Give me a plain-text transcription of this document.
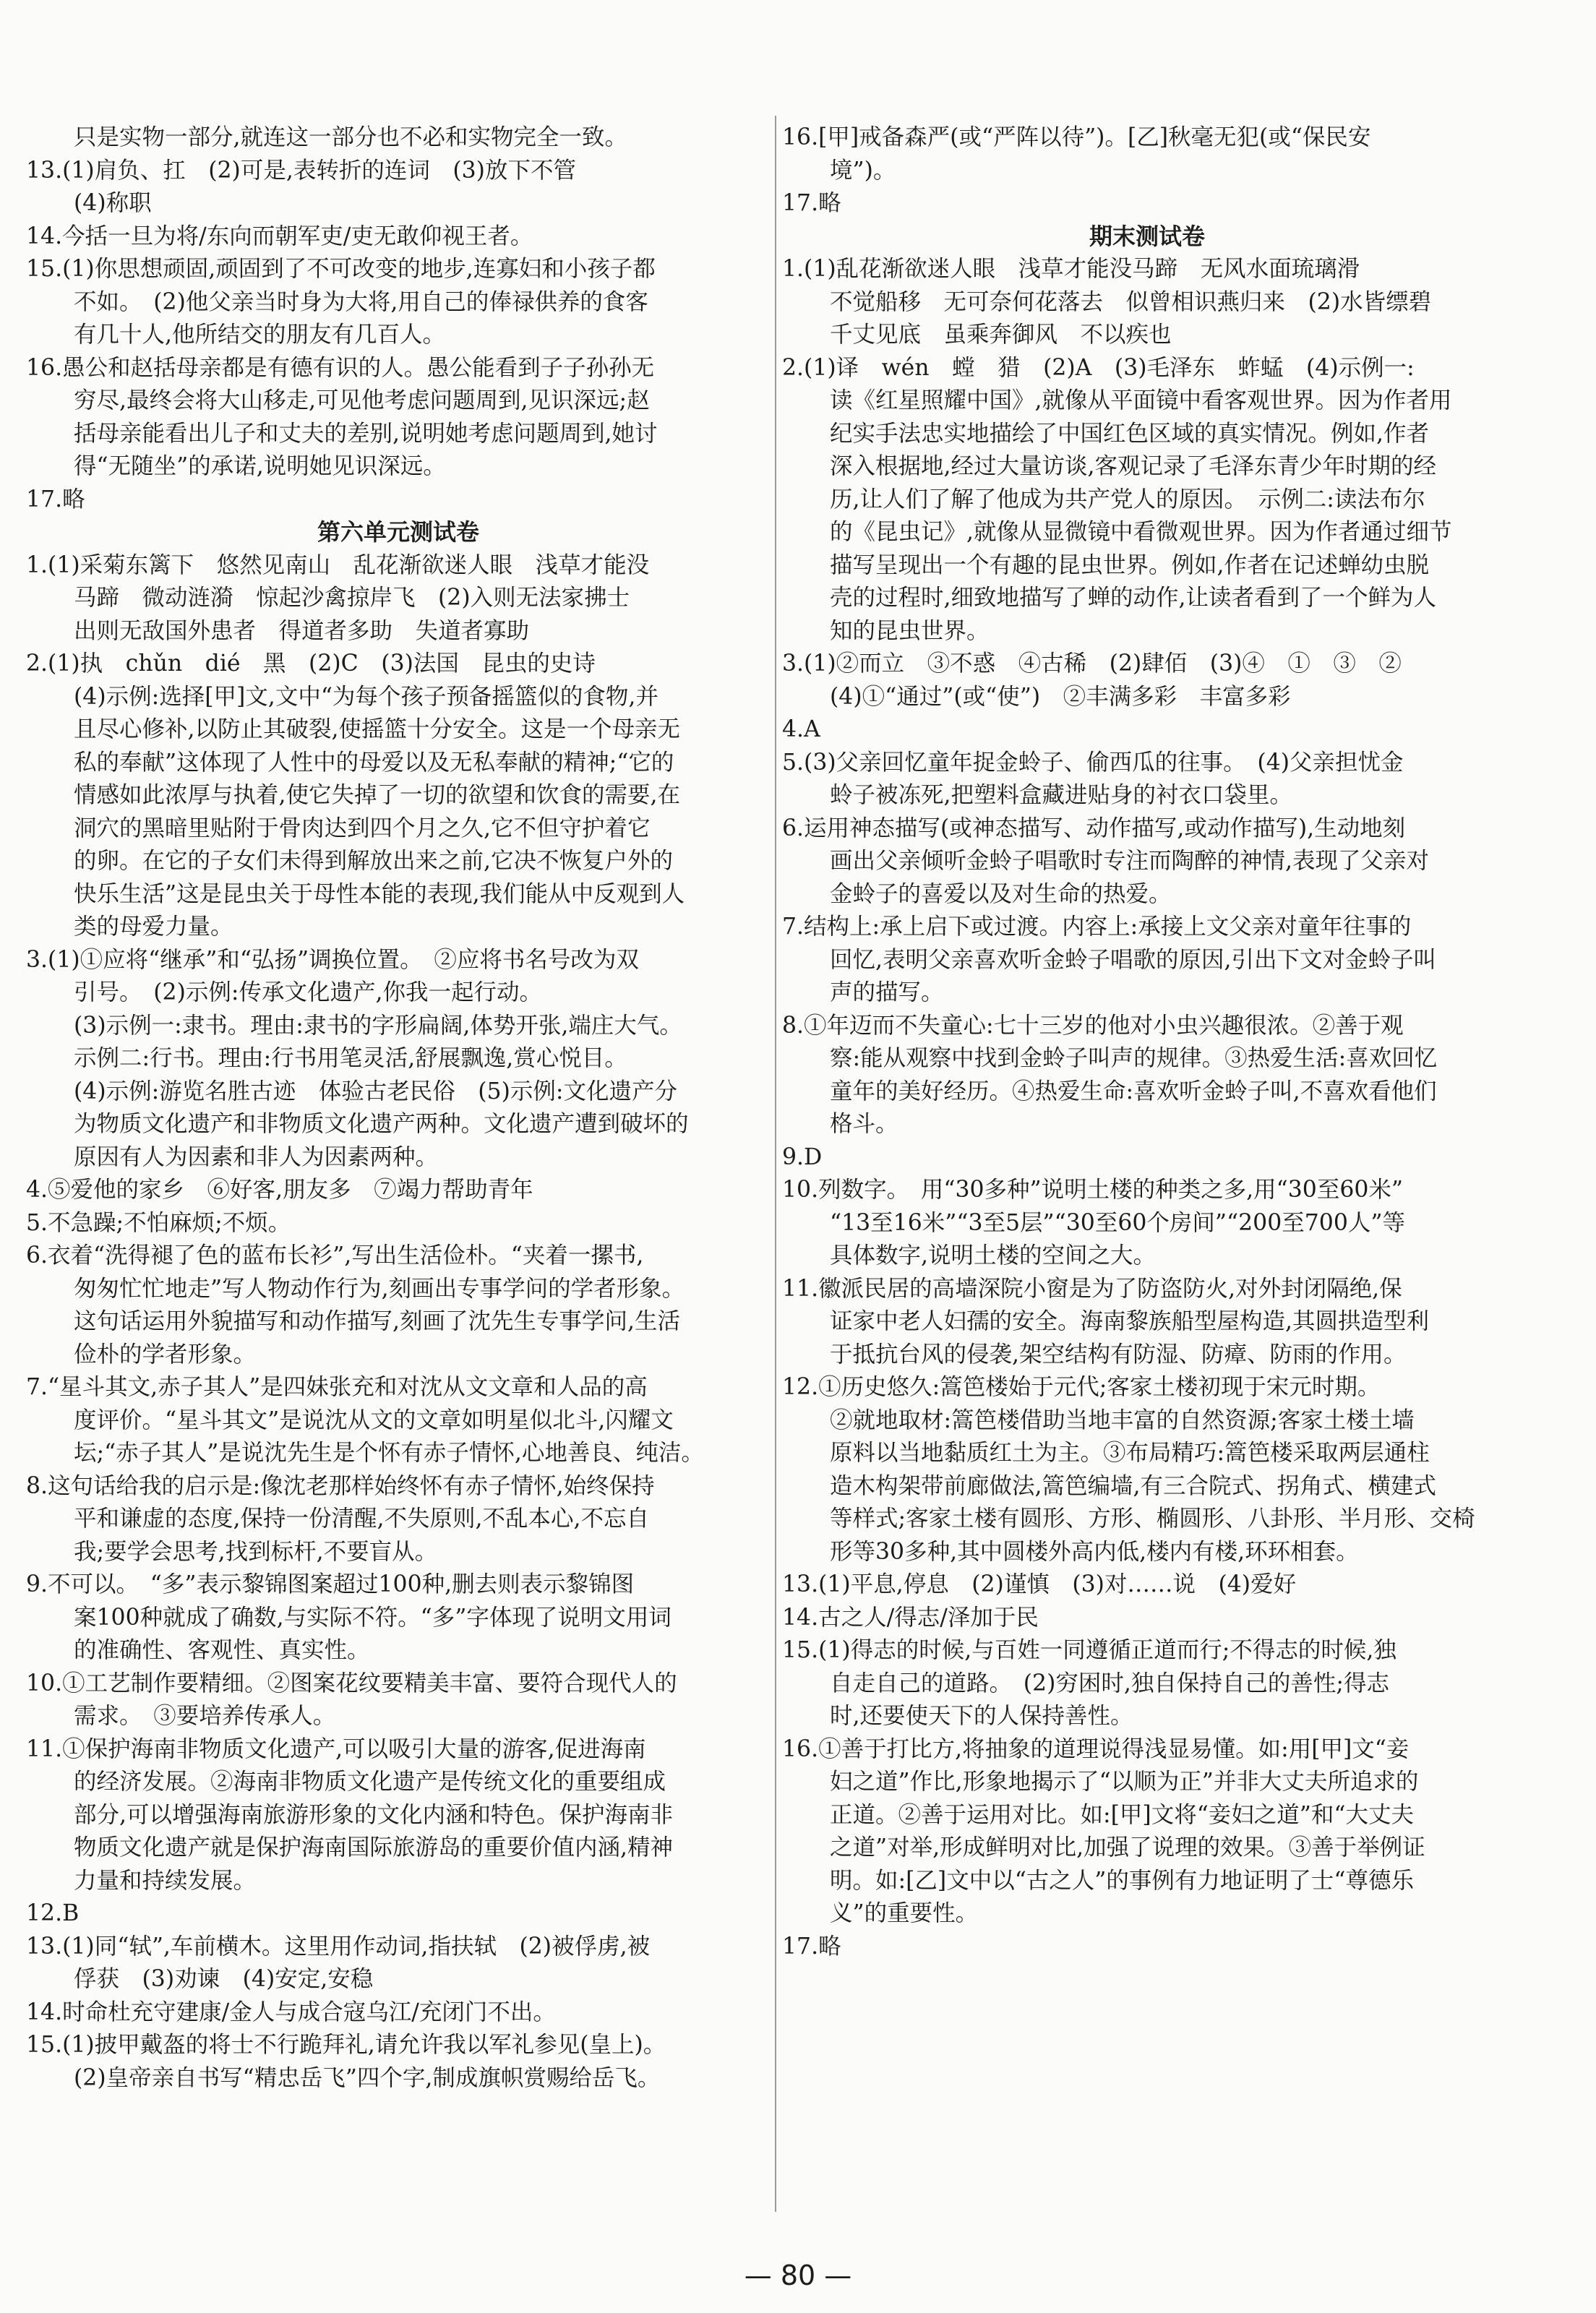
只是实物一部分,就连这一部分也不必和实物完全一致。
13.(1)肩负、扛　(2)可是,表转折的连词　(3)放下不管
(4)称职
14.今括一旦为将/东向而朝军吏/吏无敢仰视王者。
15.(1)你思想顽固,顽固到了不可改变的地步,连寡妇和小孩子都
不如。　(2)他父亲当时身为大将,用自己的俸禄供养的食客
有几十人,他所结交的朋友有几百人。
16.愚公和赵括母亲都是有德有识的人。愚公能看到子子孙孙无
穷尽,最终会将大山移走,可见他考虑问题周到,见识深远;赵
括母亲能看出儿子和丈夫的差别,说明她考虑问题周到,她讨
得“无随坐”的承诺,说明她见识深远。
17.略
第六单元测试卷
1.(1)采菊东篱下　悠然见南山　乱花渐欲迷人眼　浅草才能没
马蹄　微动涟漪　惊起沙禽掠岸飞　(2)入则无法家拂士
出则无敌国外患者　得道者多助　失道者寡助
2.(1)执　chǔn　dié　黑　(2)C　(3)法国　昆虫的史诗
(4)示例:选择[甲]文,文中“为每个孩子预备摇篮似的食物,并
且尽心修补,以防止其破裂,使摇篮十分安全。这是一个母亲无
私的奉献”这体现了人性中的母爱以及无私奉献的精神;“它的
情感如此浓厚与执着,使它失掉了一切的欲望和饮食的需要,在
洞穴的黑暗里贴附于骨肉达到四个月之久,它不但守护着它
的卵。在它的子女们未得到解放出来之前,它决不恢复户外的
快乐生活”这是昆虫关于母性本能的表现,我们能从中反观到人
类的母爱力量。
3.(1)①应将“继承”和“弘扬”调换位置。　②应将书名号改为双
引号。　(2)示例:传承文化遗产,你我一起行动。
(3)示例一:隶书。理由:隶书的字形扁阔,体势开张,端庄大气。
示例二:行书。理由:行书用笔灵活,舒展飘逸,赏心悦目。
(4)示例:游览名胜古迹　体验古老民俗　(5)示例:文化遗产分
为物质文化遗产和非物质文化遗产两种。文化遗产遭到破坏的
原因有人为因素和非人为因素两种。
4.⑤爱他的家乡　⑥好客,朋友多　⑦竭力帮助青年
5.不急躁;不怕麻烦;不烦。
6.衣着“洗得褪了色的蓝布长衫”,写出生活俭朴。“夹着一摞书,
匆匆忙忙地走”写人物动作行为,刻画出专事学问的学者形象。
这句话运用外貌描写和动作描写,刻画了沈先生专事学问,生活
俭朴的学者形象。
7.“星斗其文,赤子其人”是四妹张充和对沈从文文章和人品的高
度评价。“星斗其文”是说沈从文的文章如明星似北斗,闪耀文
坛;“赤子其人”是说沈先生是个怀有赤子情怀,心地善良、纯洁。
8.这句话给我的启示是:像沈老那样始终怀有赤子情怀,始终保持
平和谦虚的态度,保持一份清醒,不失原则,不乱本心,不忘自
我;要学会思考,找到标杆,不要盲从。
9.不可以。　“多”表示黎锦图案超过100种,删去则表示黎锦图
案100种就成了确数,与实际不符。“多”字体现了说明文用词
的准确性、客观性、真实性。
10.①工艺制作要精细。②图案花纹要精美丰富、要符合现代人的
需求。　③要培养传承人。
11.①保护海南非物质文化遗产,可以吸引大量的游客,促进海南
的经济发展。②海南非物质文化遗产是传统文化的重要组成
部分,可以增强海南旅游形象的文化内涵和特色。保护海南非
物质文化遗产就是保护海南国际旅游岛的重要价值内涵,精神
力量和持续发展。
12.B
13.(1)同“轼”,车前横木。这里用作动词,指扶轼　(2)被俘虏,被
俘获　(3)劝谏　(4)安定,安稳
14.时命杜充守建康/金人与成合寇乌江/充闭门不出。
15.(1)披甲戴盔的将士不行跪拜礼,请允许我以军礼参见(皇上)。
(2)皇帝亲自书写“精忠岳飞”四个字,制成旗帜赏赐给岳飞。
16.[甲]戒备森严(或“严阵以待”)。[乙]秋毫无犯(或“保民安
境”)。
17.略
期末测试卷
1.(1)乱花渐欲迷人眼　浅草才能没马蹄　无风水面琉璃滑
不觉船移　无可奈何花落去　似曾相识燕归来　(2)水皆缥碧
千丈见底　虽乘奔御风　不以疾也
2.(1)译　wén　螳　猎　(2)A　(3)毛泽东　蚱蜢　(4)示例一:
读《红星照耀中国》,就像从平面镜中看客观世界。因为作者用
纪实手法忠实地描绘了中国红色区域的真实情况。例如,作者
深入根据地,经过大量访谈,客观记录了毛泽东青少年时期的经
历,让人们了解了他成为共产党人的原因。　示例二:读法布尔
的《昆虫记》,就像从显微镜中看微观世界。因为作者通过细节
描写呈现出一个有趣的昆虫世界。例如,作者在记述蝉幼虫脱
壳的过程时,细致地描写了蝉的动作,让读者看到了一个鲜为人
知的昆虫世界。
3.(1)②而立　③不惑　④古稀　(2)肆佰　(3)④　①　③　②
(4)①“通过”(或“使”)　②丰满多彩　丰富多彩
4.A
5.(3)父亲回忆童年捉金蛉子、偷西瓜的往事。　(4)父亲担忧金
蛉子被冻死,把塑料盒藏进贴身的衬衣口袋里。
6.运用神态描写(或神态描写、动作描写,或动作描写),生动地刻
画出父亲倾听金蛉子唱歌时专注而陶醉的神情,表现了父亲对
金蛉子的喜爱以及对生命的热爱。
7.结构上:承上启下或过渡。内容上:承接上文父亲对童年往事的
回忆,表明父亲喜欢听金蛉子唱歌的原因,引出下文对金蛉子叫
声的描写。
8.①年迈而不失童心:七十三岁的他对小虫兴趣很浓。②善于观
察:能从观察中找到金蛉子叫声的规律。③热爱生活:喜欢回忆
童年的美好经历。④热爱生命:喜欢听金蛉子叫,不喜欢看他们
格斗。
9.D
10.列数字。　用“30多种”说明土楼的种类之多,用“30至60米”
“13至16米”“3至5层”“30至60个房间”“200至700人”等
具体数字,说明土楼的空间之大。
11.徽派民居的高墙深院小窗是为了防盗防火,对外封闭隔绝,保
证家中老人妇孺的安全。海南黎族船型屋构造,其圆拱造型利
于抵抗台风的侵袭,架空结构有防湿、防瘴、防雨的作用。
12.①历史悠久:篙笆楼始于元代;客家土楼初现于宋元时期。
②就地取材:篙笆楼借助当地丰富的自然资源;客家土楼土墙
原料以当地黏质红土为主。③布局精巧:篙笆楼采取两层通柱
造木构架带前廊做法,篙笆编墙,有三合院式、拐角式、横建式
等样式;客家土楼有圆形、方形、椭圆形、八卦形、半月形、交椅
形等30多种,其中圆楼外高内低,楼内有楼,环环相套。
13.(1)平息,停息　(2)谨慎　(3)对……说　(4)爱好
14.古之人/得志/泽加于民
15.(1)得志的时候,与百姓一同遵循正道而行;不得志的时候,独
自走自己的道路。　(2)穷困时,独自保持自己的善性;得志
时,还要使天下的人保持善性。
16.①善于打比方,将抽象的道理说得浅显易懂。如:用[甲]文“妾
妇之道”作比,形象地揭示了“以顺为正”并非大丈夫所追求的
正道。②善于运用对比。如:[甲]文将“妾妇之道”和“大丈夫
之道”对举,形成鲜明对比,加强了说理的效果。③善于举例证
明。如:[乙]文中以“古之人”的事例有力地证明了士“尊德乐
义”的重要性。
17.略
— 80 —
